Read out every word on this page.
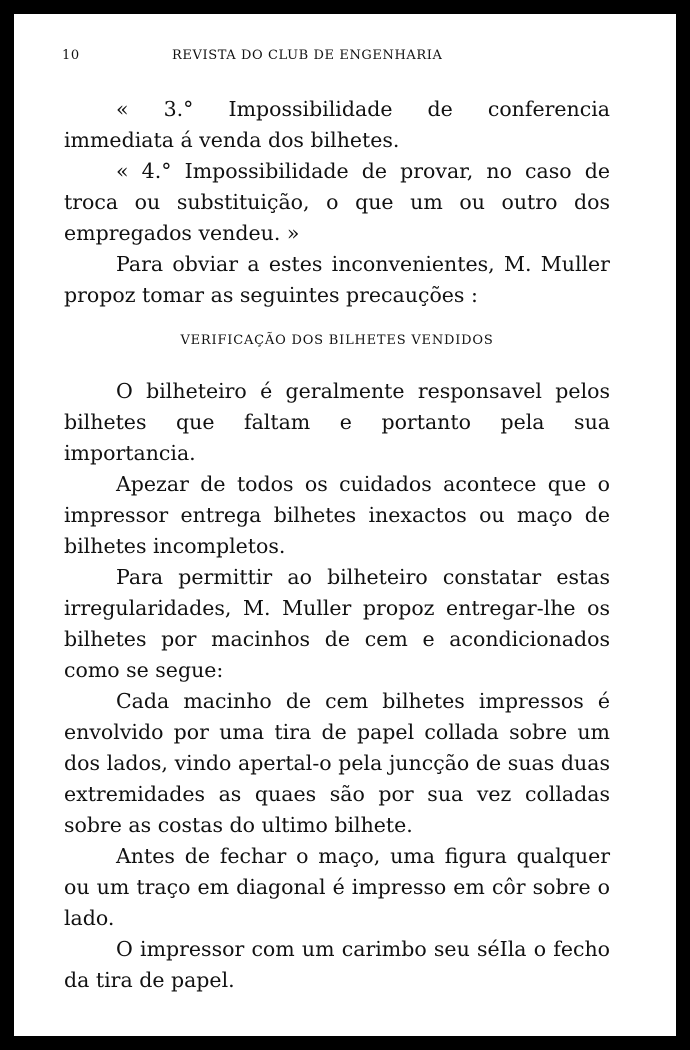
10	REVISTA DO CLUB DE ENGENHARIA

« 3.° Impossibilidade de conferencia immediata á venda dos bilhetes.

« 4.° Impossibilidade de provar, no caso de troca ou substituição, o que um ou outro dos empregados vendeu. »

Para obviar a estes inconvenientes, M. Muller propoz tomar as seguintes precauções :

VERIFICAÇÃO DOS BILHETES VENDIDOS

O bilheteiro é geralmente responsavel pelos bilhetes que faltam e portanto pela sua importancia.

Apezar de todos os cuidados acontece que o impressor entrega bilhetes inexactos ou maço de bilhetes incompletos.

Para permittir ao bilheteiro constatar estas irregularidades, M. Muller propoz entregar-lhe os bilhetes por macinhos de cem e acondicionados como se segue:

Cada macinho de cem bilhetes impressos é envolvido por uma tira de papel collada sobre um dos lados, vindo apertal-o pela juncção de suas duas extremidades as quaes são por sua vez colladas sobre as costas do ultimo bilhete.

Antes de fechar o maço, uma figura qualquer ou um traço em diagonal é impresso em côr sobre o lado.

O impressor com um carimbo seu séIla o fecho da tira de papel.
